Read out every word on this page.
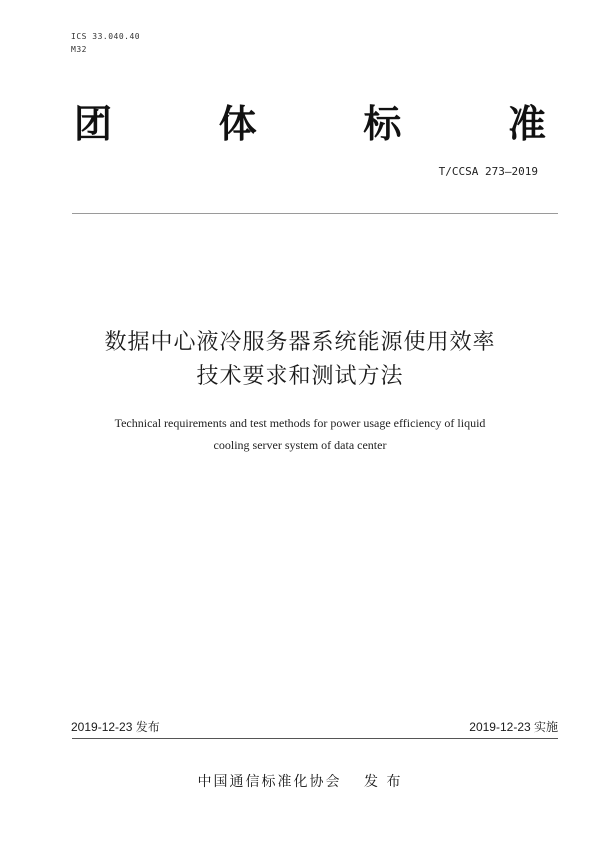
ICS 33.040.40
M32
团	体	标	准
T/CCSA 273—2019
数据中心液冷服务器系统能源使用效率
技术要求和测试方法
Technical requirements and test methods for power usage efficiency of liquid
cooling server system of data center
2019-12-23 发布	2019-12-23 实施
中国通信标准化协会　 发 布
